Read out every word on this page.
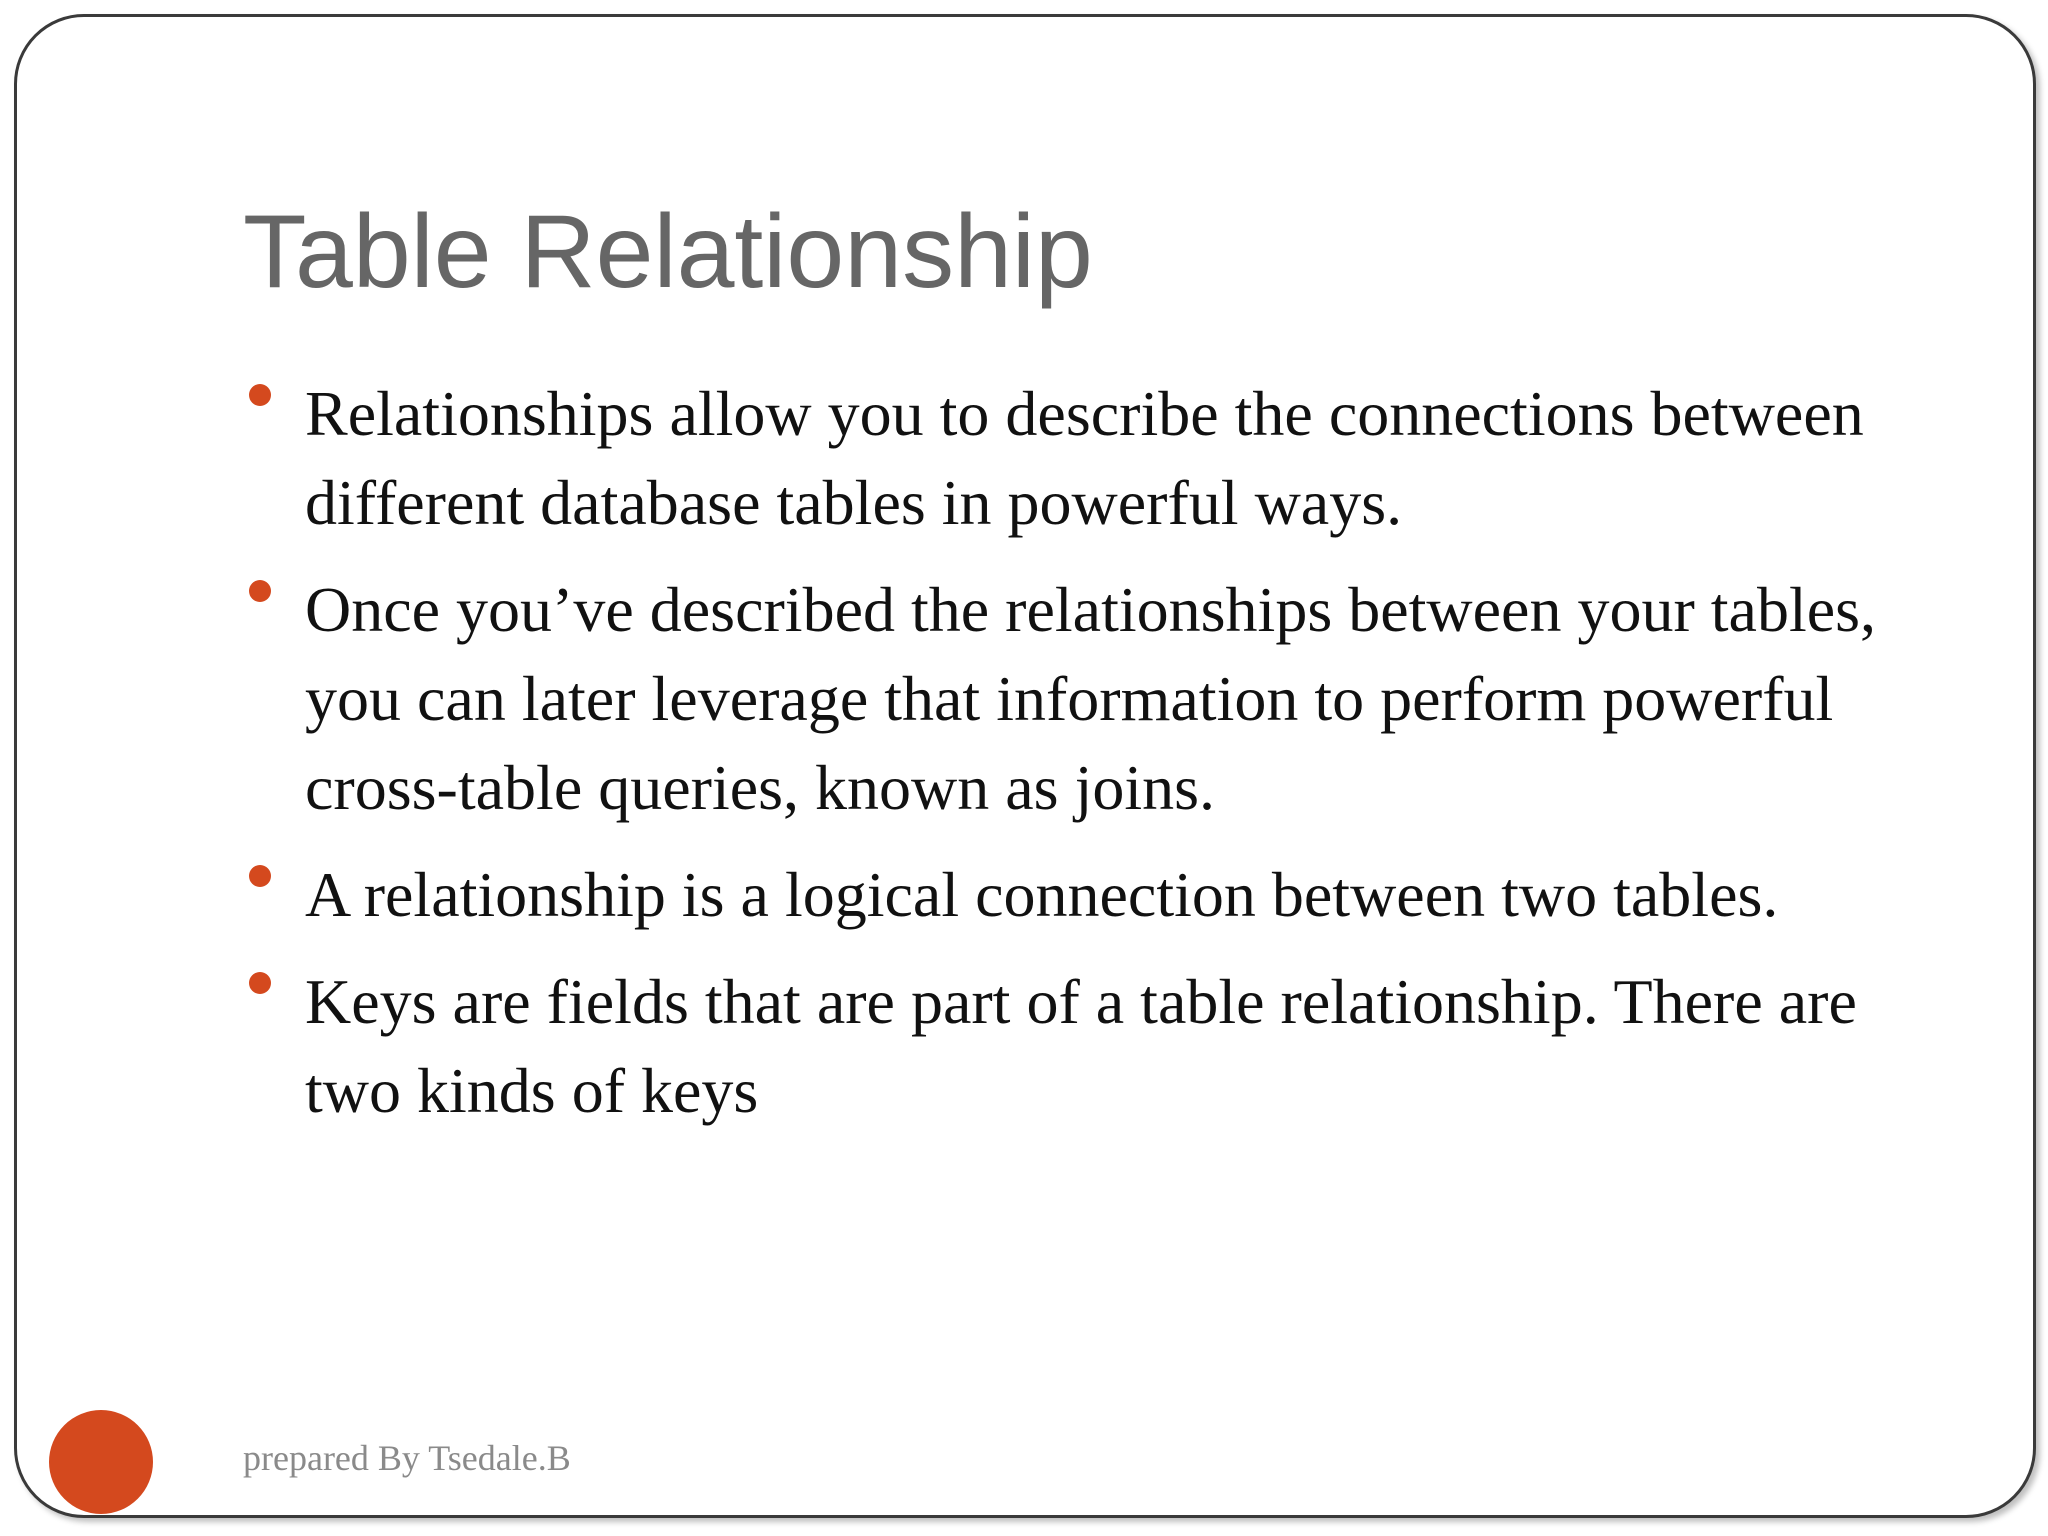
Table Relationship
Relationships allow you to describe the connections between different database tables in powerful ways.
Once you’ve described the relationships between your tables, you can later leverage that information to perform powerful cross-table queries, known as joins.
A relationship is a logical connection between two tables.
Keys are fields that are part of a table relationship. There are two kinds of keys
prepared By Tsedale.B
